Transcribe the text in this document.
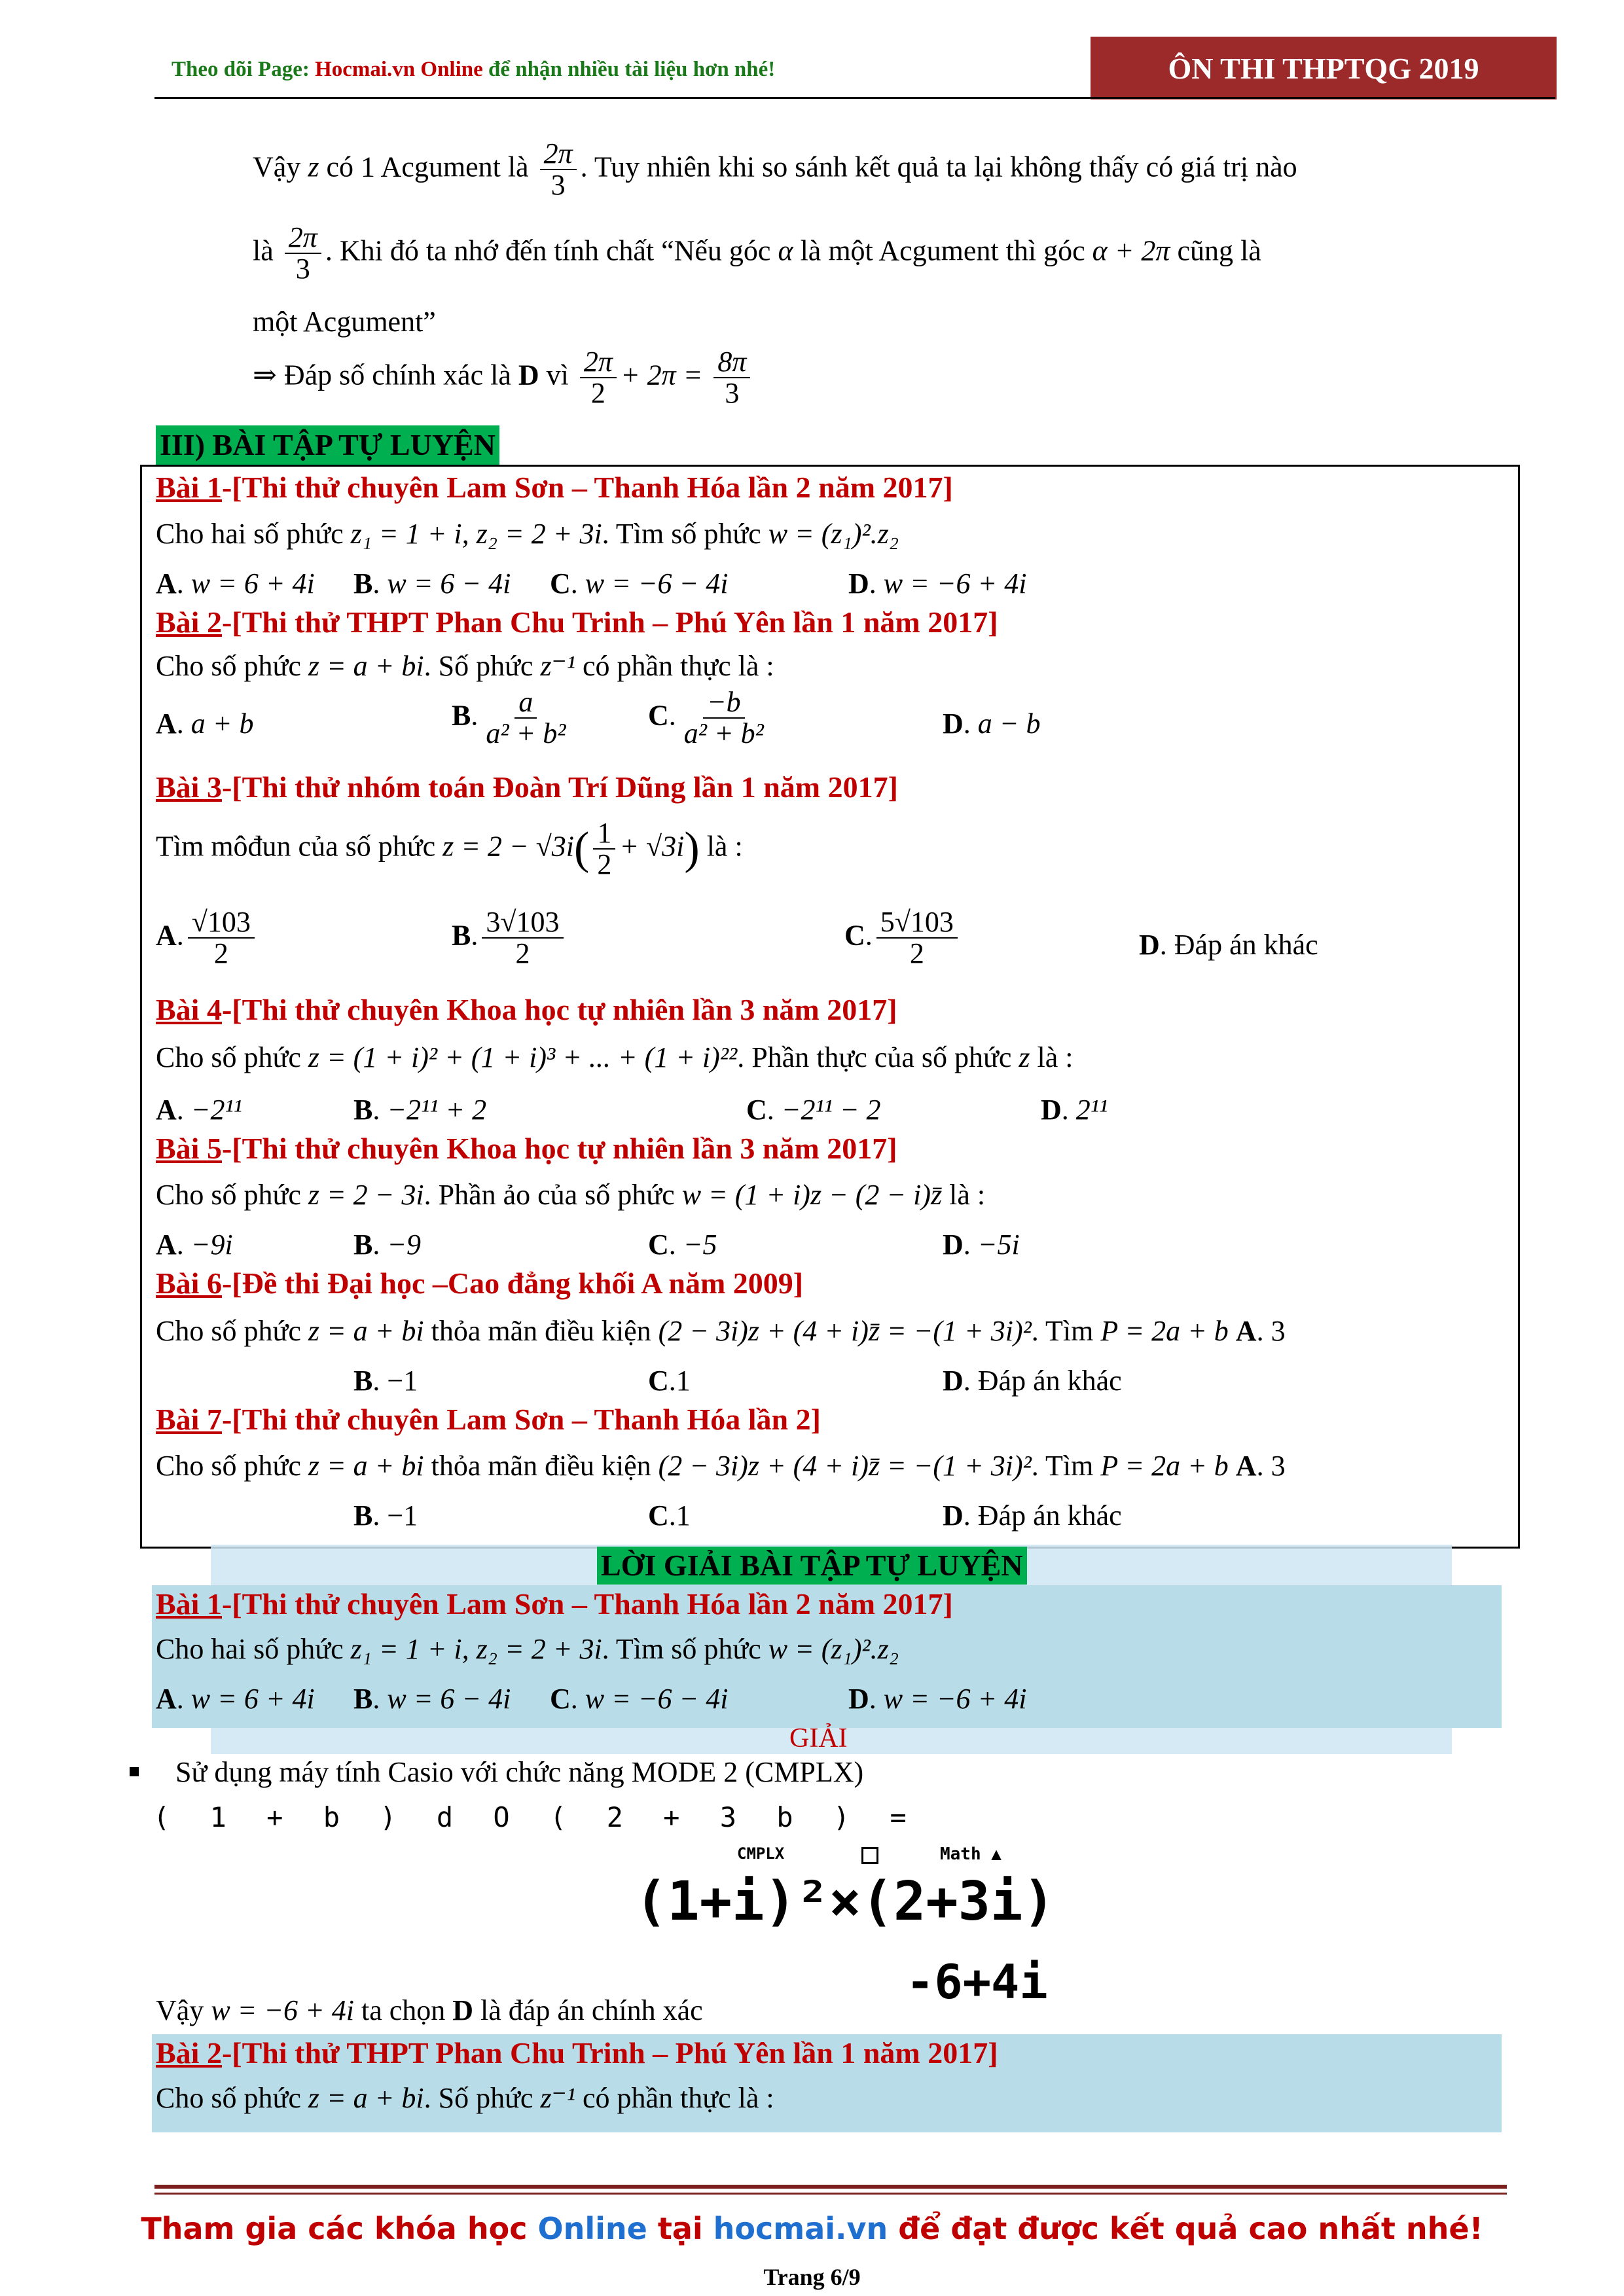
Theo dõi Page: Hocmai.vn Online để nhận nhiều tài liệu hơn nhé!	ÔN THI THPTQG 2019
Vậy z có 1 Acgument là $\frac{2\pi}{3}$ . Tuy nhiên khi so sánh kết quả ta lại không thấy có giá trị nào
là $\frac{2\pi}{3}$ . Khi đó ta nhớ đến tính chất “Nếu góc α là một Acgument thì góc α + 2π cũng là
một Acgument”
⇒ Đáp số chính xác là D vì $\frac{2\pi}{2} + 2\pi = \frac{8\pi}{3}$
III) BÀI TẬP TỰ LUYỆN
Bài 1-[Thi thử chuyên Lam Sơn – Thanh Hóa lần 2 năm 2017]
Cho hai số phức z₁ = 1 + i, z₂ = 2 + 3i. Tìm số phức w = (z₁)².z₂
A. w = 6 + 4i B. w = 6 − 4i C. w = −6 − 4i	D. w = −6 + 4i
Bài 2-[Thi thử THPT Phan Chu Trinh – Phú Yên lần 1 năm 2017]
Cho số phức z = a + bi. Số phức z⁻¹ có phần thực là :
A. a + b	B. $\frac{a}{\text{a² + b²}}$	C. $\frac{-b}{\text{a² + b²}}$	D. a − b
Bài 3-[Thi thử nhóm toán Đoàn Trí Dũng lần 1 năm 2017]
Tìm môđun của số phức $z = 2 - √3i( \frac{1}{2} + √3i)$ là :
A. $\frac{√103}{2}$	B. $\frac{3√103}{2}$	C. $\frac{5√103}{2}$	D. Đáp án khác
Bài 4-[Thi thử chuyên Khoa học tự nhiên lần 3 năm 2017]
Cho số phức z = (1 + i)² + (1 + i)³ + ... + (1 + i)²². Phần thực của số phức z là :
A. −2¹¹	B. −2¹¹ + 2	C. −2¹¹ − 2	D. 2¹¹
Bài 5-[Thi thử chuyên Khoa học tự nhiên lần 3 năm 2017]
Cho số phức z = 2 − 3i. Phần ảo của số phức w = (1 + i)z − (2 − i)z̄ là :
A. −9i	B. −9	C. −5	D. −5i
Bài 6-[Đề thi Đại học –Cao đẳng khối A năm 2009]
Cho số phức z = a + bi thỏa mãn điều kiện (2 − 3i)z + (4 + i)z̄ = −(1 + 3i)². Tìm P = 2a + b A. 3
B. −1	C.1	D. Đáp án khác
Bài 7-[Thi thử chuyên Lam Sơn – Thanh Hóa lần 2]
Cho số phức z = a + bi thỏa mãn điều kiện (2 − 3i)z + (4 + i)z̄ = −(1 + 3i)². Tìm P = 2a + b A. 3
B. −1	C.1	D. Đáp án khác
LỜI GIẢI BÀI TẬP TỰ LUYỆN
Bài 1-[Thi thử chuyên Lam Sơn – Thanh Hóa lần 2 năm 2017]
Cho hai số phức z₁ = 1 + i, z₂ = 2 + 3i. Tìm số phức w = (z₁)².z₂
A. w = 6 + 4i B. w = 6 − 4i C. w = −6 − 4i	D. w = −6 + 4i
GIẢI
Sử dụng máy tính Casio với chức năng MODE 2 (CMPLX)
( 1 + b ) d O ( 2 + 3 b ) =
CMPLX	Math ▲
(1+i)²×(2+3i)
-6+4i
Vậy w = −6 + 4i ta chọn D là đáp án chính xác
Bài 2-[Thi thử THPT Phan Chu Trinh – Phú Yên lần 1 năm 2017]
Cho số phức z = a + bi. Số phức z⁻¹ có phần thực là :
Tham gia các khóa học Online tại hocmai.vn để đạt được kết quả cao nhất nhé!
Trang 6/9
